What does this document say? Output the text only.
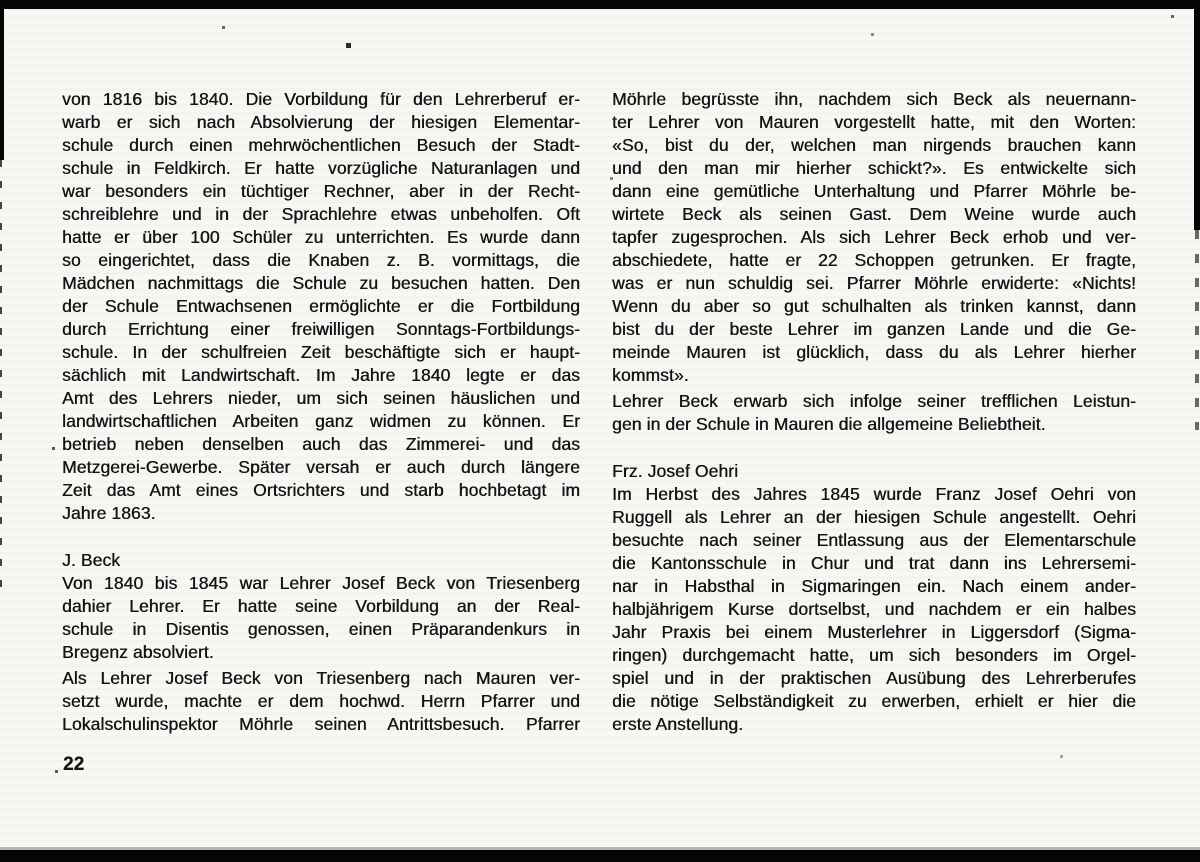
von 1816 bis 1840. Die Vorbildung für den Lehrerberuf er-
warb er sich nach Absolvierung der hiesigen Elementar-
schule durch einen mehrwöchentlichen Besuch der Stadt-
schule in Feldkirch. Er hatte vorzügliche Naturanlagen und
war besonders ein tüchtiger Rechner, aber in der Recht-
schreiblehre und in der Sprachlehre etwas unbeholfen. Oft
hatte er über 100 Schüler zu unterrichten. Es wurde dann
so eingerichtet, dass die Knaben z. B. vormittags, die
Mädchen nachmittags die Schule zu besuchen hatten. Den
der Schule Entwachsenen ermöglichte er die Fortbildung
durch Errichtung einer freiwilligen Sonntags-Fortbildungs-
schule. In der schulfreien Zeit beschäftigte sich er haupt-
sächlich mit Landwirtschaft. Im Jahre 1840 legte er das
Amt des Lehrers nieder, um sich seinen häuslichen und
landwirtschaftlichen Arbeiten ganz widmen zu können. Er
betrieb neben denselben auch das Zimmerei- und das
Metzgerei-Gewerbe. Später versah er auch durch längere
Zeit das Amt eines Ortsrichters und starb hochbetagt im
Jahre 1863.
J. Beck
Von 1840 bis 1845 war Lehrer Josef Beck von Triesenberg
dahier Lehrer. Er hatte seine Vorbildung an der Real-
schule in Disentis genossen, einen Präparandenkurs in
Bregenz absolviert.
Als Lehrer Josef Beck von Triesenberg nach Mauren ver-
setzt wurde, machte er dem hochwd. Herrn Pfarrer und
Lokalschulinspektor Möhrle seinen Antrittsbesuch. Pfarrer
Möhrle begrüsste ihn, nachdem sich Beck als neuernann-
ter Lehrer von Mauren vorgestellt hatte, mit den Worten:
«So, bist du der, welchen man nirgends brauchen kann
und den man mir hierher schickt?». Es entwickelte sich
dann eine gemütliche Unterhaltung und Pfarrer Möhrle be-
wirtete Beck als seinen Gast. Dem Weine wurde auch
tapfer zugesprochen. Als sich Lehrer Beck erhob und ver-
abschiedete, hatte er 22 Schoppen getrunken. Er fragte,
was er nun schuldig sei. Pfarrer Möhrle erwiderte: «Nichts!
Wenn du aber so gut schulhalten als trinken kannst, dann
bist du der beste Lehrer im ganzen Lande und die Ge-
meinde Mauren ist glücklich, dass du als Lehrer hierher
kommst».
Lehrer Beck erwarb sich infolge seiner trefflichen Leistun-
gen in der Schule in Mauren die allgemeine Beliebtheit.
Frz. Josef Oehri
Im Herbst des Jahres 1845 wurde Franz Josef Oehri von
Ruggell als Lehrer an der hiesigen Schule angestellt. Oehri
besuchte nach seiner Entlassung aus der Elementarschule
die Kantonsschule in Chur und trat dann ins Lehrersemi-
nar in Habsthal in Sigmaringen ein. Nach einem ander-
halbjährigem Kurse dortselbst, und nachdem er ein halbes
Jahr Praxis bei einem Musterlehrer in Liggersdorf (Sigma-
ringen) durchgemacht hatte, um sich besonders im Orgel-
spiel und in der praktischen Ausübung des Lehrerberufes
die nötige Selbständigkeit zu erwerben, erhielt er hier die
erste Anstellung.
22
